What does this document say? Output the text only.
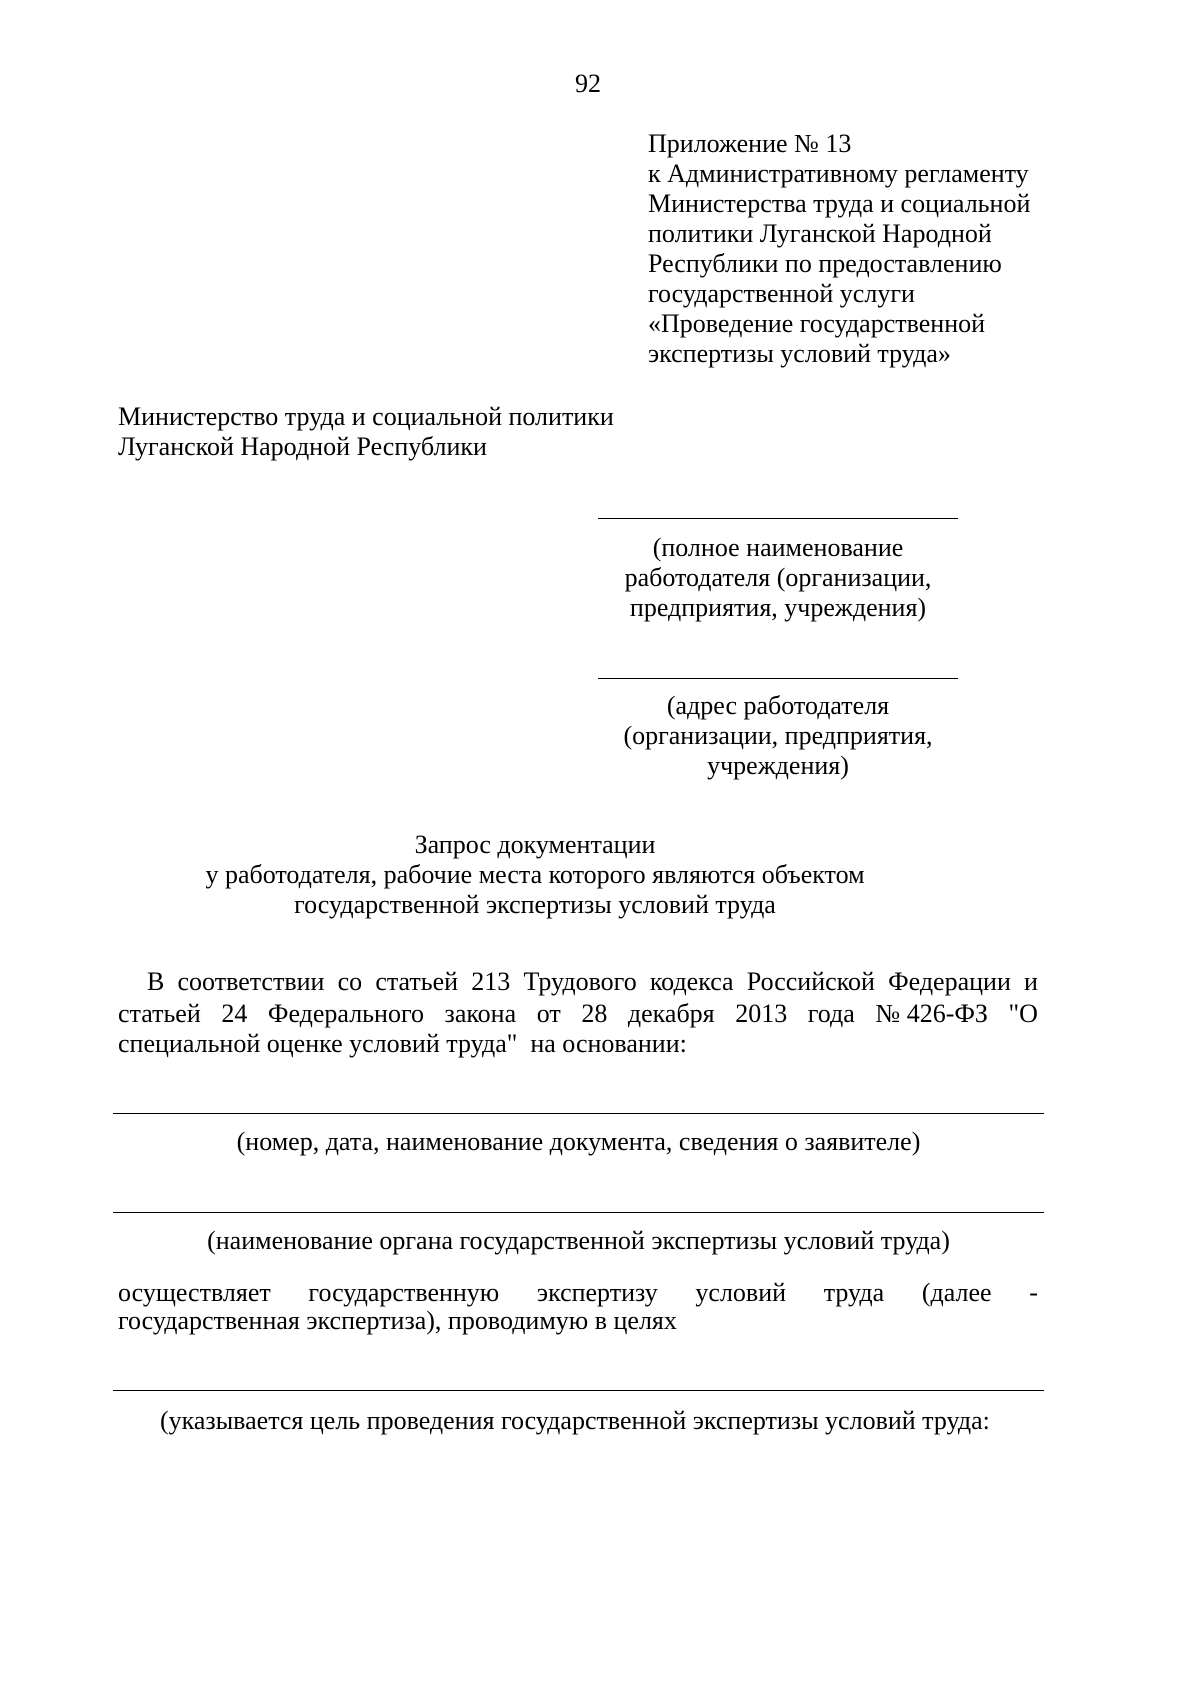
92
Приложение № 13
к Административному регламенту
Министерства труда и социальной
политики Луганской Народной
Республики по предоставлению
государственной услуги
«Проведение государственной
экспертизы условий труда»
Министерство труда и социальной политики
Луганской Народной Республики
(полное наименование
работодателя (организации,
предприятия, учреждения)
(адрес работодателя
(организации, предприятия,
учреждения)
Запрос документации
у работодателя, рабочие места которого являются объектом
государственной экспертизы условий труда
В соответствии со статьей 213 Трудового кодекса Российской Федерации и
статьей 24 Федерального закона от 28 декабря 2013 года № 426-ФЗ "О
специальной оценке условий труда"  на основании:
(номер, дата, наименование документа, сведения о заявителе)
(наименование органа государственной экспертизы условий труда)
осуществляет государственную экспертизу условий труда (далее -
государственная экспертиза), проводимую в целях
(указывается цель проведения государственной экспертизы условий труда:
